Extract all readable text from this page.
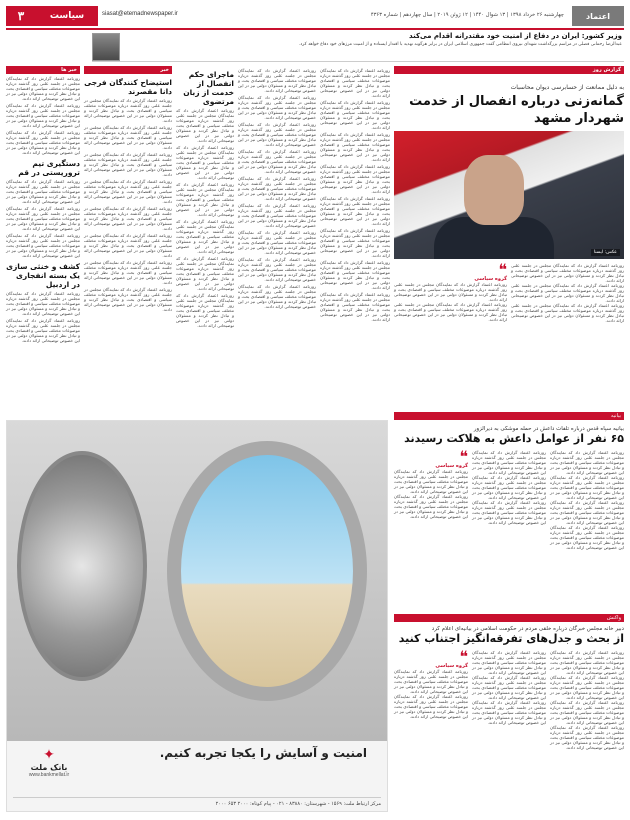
۳	سیاست	siasat@etemadnewspaper.ir	چهارشنبه ۲۶ خرداد ۱۳۹۸ | ۱۳ شوال ۱۴۴۰ | ۱۲ ژوئن ۲۰۱۹ | سال چهاردهم | شماره ۴۳۶۳	اعتماد
وزیر کشور: ایران در دفاع از امنیت خود مقتدرانه اقدام می‌کند
عبدالرضا رحمانی فضلی در مراسم بزرگداشت شهدای نیروی انتظامی گفت جمهوری اسلامی ایران در برابر هرگونه تهدید با اقتدار ایستاده و از امنیت مرزهای خود دفاع خواهد کرد.
خبر ها

روزنامه اعتماد گزارش داد که نمایندگان مجلس در جلسه علنی روز گذشته درباره موضوعات مختلف سیاسی و اقتصادی بحث و تبادل نظر کردند و مسئولان دولتی نیز در این خصوص توضیحاتی ارائه دادند.

روزنامه اعتماد گزارش داد که نمایندگان مجلس در جلسه علنی روز گذشته درباره موضوعات مختلف سیاسی و اقتصادی بحث و تبادل نظر کردند و مسئولان دولتی نیز در این خصوص توضیحاتی ارائه دادند.

روزنامه اعتماد گزارش داد که نمایندگان مجلس در جلسه علنی روز گذشته درباره موضوعات مختلف سیاسی و اقتصادی بحث و تبادل نظر کردند و مسئولان دولتی نیز در این خصوص توضیحاتی ارائه دادند.

دستگیری تیم تروریستی در قم

روزنامه اعتماد گزارش داد که نمایندگان مجلس در جلسه علنی روز گذشته درباره موضوعات مختلف سیاسی و اقتصادی بحث و تبادل نظر کردند و مسئولان دولتی نیز در این خصوص توضیحاتی ارائه دادند.

روزنامه اعتماد گزارش داد که نمایندگان مجلس در جلسه علنی روز گذشته درباره موضوعات مختلف سیاسی و اقتصادی بحث و تبادل نظر کردند و مسئولان دولتی نیز در این خصوص توضیحاتی ارائه دادند.

روزنامه اعتماد گزارش داد که نمایندگان مجلس در جلسه علنی روز گذشته درباره موضوعات مختلف سیاسی و اقتصادی بحث و تبادل نظر کردند و مسئولان دولتی نیز در این خصوص توضیحاتی ارائه دادند.

کشف و خنثی سازی یک بسته انفجاری در اردبیل

روزنامه اعتماد گزارش داد که نمایندگان مجلس در جلسه علنی روز گذشته درباره موضوعات مختلف سیاسی و اقتصادی بحث و تبادل نظر کردند و مسئولان دولتی نیز در این خصوص توضیحاتی ارائه دادند.

روزنامه اعتماد گزارش داد که نمایندگان مجلس در جلسه علنی روز گذشته درباره موضوعات مختلف سیاسی و اقتصادی بحث و تبادل نظر کردند و مسئولان دولتی نیز در این خصوص توضیحاتی ارائه دادند.

خبر
استیضاح کنندگان فرجی دانا مقصرند

روزنامه اعتماد گزارش داد که نمایندگان مجلس در جلسه علنی روز گذشته درباره موضوعات مختلف سیاسی و اقتصادی بحث و تبادل نظر کردند و مسئولان دولتی نیز در این خصوص توضیحاتی ارائه دادند.

روزنامه اعتماد گزارش داد که نمایندگان مجلس در جلسه علنی روز گذشته درباره موضوعات مختلف سیاسی و اقتصادی بحث و تبادل نظر کردند و مسئولان دولتی نیز در این خصوص توضیحاتی ارائه دادند.

روزنامه اعتماد گزارش داد که نمایندگان مجلس در جلسه علنی روز گذشته درباره موضوعات مختلف سیاسی و اقتصادی بحث و تبادل نظر کردند و مسئولان دولتی نیز در این خصوص توضیحاتی ارائه دادند.

روزنامه اعتماد گزارش داد که نمایندگان مجلس در جلسه علنی روز گذشته درباره موضوعات مختلف سیاسی و اقتصادی بحث و تبادل نظر کردند و مسئولان دولتی نیز در این خصوص توضیحاتی ارائه دادند.

روزنامه اعتماد گزارش داد که نمایندگان مجلس در جلسه علنی روز گذشته درباره موضوعات مختلف سیاسی و اقتصادی بحث و تبادل نظر کردند و مسئولان دولتی نیز در این خصوص توضیحاتی ارائه دادند.

روزنامه اعتماد گزارش داد که نمایندگان مجلس در جلسه علنی روز گذشته درباره موضوعات مختلف سیاسی و اقتصادی بحث و تبادل نظر کردند و مسئولان دولتی نیز در این خصوص توضیحاتی ارائه دادند.

روزنامه اعتماد گزارش داد که نمایندگان مجلس در جلسه علنی روز گذشته درباره موضوعات مختلف سیاسی و اقتصادی بحث و تبادل نظر کردند و مسئولان دولتی نیز در این خصوص توضیحاتی ارائه دادند.

روزنامه اعتماد گزارش داد که نمایندگان مجلس در جلسه علنی روز گذشته درباره موضوعات مختلف سیاسی و اقتصادی بحث و تبادل نظر کردند و مسئولان دولتی نیز در این خصوص توضیحاتی ارائه دادند.

ماجرای حکم انفصال از خدمت از زبان مرتضوی

روزنامه اعتماد گزارش داد که نمایندگان مجلس در جلسه علنی روز گذشته درباره موضوعات مختلف سیاسی و اقتصادی بحث و تبادل نظر کردند و مسئولان دولتی نیز در این خصوص توضیحاتی ارائه دادند.

روزنامه اعتماد گزارش داد که نمایندگان مجلس در جلسه علنی روز گذشته درباره موضوعات مختلف سیاسی و اقتصادی بحث و تبادل نظر کردند و مسئولان دولتی نیز در این خصوص توضیحاتی ارائه دادند.

روزنامه اعتماد گزارش داد که نمایندگان مجلس در جلسه علنی روز گذشته درباره موضوعات مختلف سیاسی و اقتصادی بحث و تبادل نظر کردند و مسئولان دولتی نیز در این خصوص توضیحاتی ارائه دادند.

روزنامه اعتماد گزارش داد که نمایندگان مجلس در جلسه علنی روز گذشته درباره موضوعات مختلف سیاسی و اقتصادی بحث و تبادل نظر کردند و مسئولان دولتی نیز در این خصوص توضیحاتی ارائه دادند.

روزنامه اعتماد گزارش داد که نمایندگان مجلس در جلسه علنی روز گذشته درباره موضوعات مختلف سیاسی و اقتصادی بحث و تبادل نظر کردند و مسئولان دولتی نیز در این خصوص توضیحاتی ارائه دادند.

روزنامه اعتماد گزارش داد که نمایندگان مجلس در جلسه علنی روز گذشته درباره موضوعات مختلف سیاسی و اقتصادی بحث و تبادل نظر کردند و مسئولان دولتی نیز در این خصوص توضیحاتی ارائه دادند.

روزنامه اعتماد گزارش داد که نمایندگان مجلس در جلسه علنی روز گذشته درباره موضوعات مختلف سیاسی و اقتصادی بحث و تبادل نظر کردند و مسئولان دولتی نیز در این خصوص توضیحاتی ارائه دادند.

روزنامه اعتماد گزارش داد که نمایندگان مجلس در جلسه علنی روز گذشته درباره موضوعات مختلف سیاسی و اقتصادی بحث و تبادل نظر کردند و مسئولان دولتی نیز در این خصوص توضیحاتی ارائه دادند.

روزنامه اعتماد گزارش داد که نمایندگان مجلس در جلسه علنی روز گذشته درباره موضوعات مختلف سیاسی و اقتصادی بحث و تبادل نظر کردند و مسئولان دولتی نیز در این خصوص توضیحاتی ارائه دادند.

روزنامه اعتماد گزارش داد که نمایندگان مجلس در جلسه علنی روز گذشته درباره موضوعات مختلف سیاسی و اقتصادی بحث و تبادل نظر کردند و مسئولان دولتی نیز در این خصوص توضیحاتی ارائه دادند.

روزنامه اعتماد گزارش داد که نمایندگان مجلس در جلسه علنی روز گذشته درباره موضوعات مختلف سیاسی و اقتصادی بحث و تبادل نظر کردند و مسئولان دولتی نیز در این خصوص توضیحاتی ارائه دادند.

روزنامه اعتماد گزارش داد که نمایندگان مجلس در جلسه علنی روز گذشته درباره موضوعات مختلف سیاسی و اقتصادی بحث و تبادل نظر کردند و مسئولان دولتی نیز در این خصوص توضیحاتی ارائه دادند.

روزنامه اعتماد گزارش داد که نمایندگان مجلس در جلسه علنی روز گذشته درباره موضوعات مختلف سیاسی و اقتصادی بحث و تبادل نظر کردند و مسئولان دولتی نیز در این خصوص توضیحاتی ارائه دادند.

روزنامه اعتماد گزارش داد که نمایندگان مجلس در جلسه علنی روز گذشته درباره موضوعات مختلف سیاسی و اقتصادی بحث و تبادل نظر کردند و مسئولان دولتی نیز در این خصوص توضیحاتی ارائه دادند.

روزنامه اعتماد گزارش داد که نمایندگان مجلس در جلسه علنی روز گذشته درباره موضوعات مختلف سیاسی و اقتصادی بحث و تبادل نظر کردند و مسئولان دولتی نیز در این خصوص توضیحاتی ارائه دادند.

روزنامه اعتماد گزارش داد که نمایندگان مجلس در جلسه علنی روز گذشته درباره موضوعات مختلف سیاسی و اقتصادی بحث و تبادل نظر کردند و مسئولان دولتی نیز در این خصوص توضیحاتی ارائه دادند.

روزنامه اعتماد گزارش داد که نمایندگان مجلس در جلسه علنی روز گذشته درباره موضوعات مختلف سیاسی و اقتصادی بحث و تبادل نظر کردند و مسئولان دولتی نیز در این خصوص توضیحاتی ارائه دادند.

روزنامه اعتماد گزارش داد که نمایندگان مجلس در جلسه علنی روز گذشته درباره موضوعات مختلف سیاسی و اقتصادی بحث و تبادل نظر کردند و مسئولان دولتی نیز در این خصوص توضیحاتی ارائه دادند.

روزنامه اعتماد گزارش داد که نمایندگان مجلس در جلسه علنی روز گذشته درباره موضوعات مختلف سیاسی و اقتصادی بحث و تبادل نظر کردند و مسئولان دولتی نیز در این خصوص توضیحاتی ارائه دادند.

روزنامه اعتماد گزارش داد که نمایندگان مجلس در جلسه علنی روز گذشته درباره موضوعات مختلف سیاسی و اقتصادی بحث و تبادل نظر کردند و مسئولان دولتی نیز در این خصوص توضیحاتی ارائه دادند.

روزنامه اعتماد گزارش داد که نمایندگان مجلس در جلسه علنی روز گذشته درباره موضوعات مختلف سیاسی و اقتصادی بحث و تبادل نظر کردند و مسئولان دولتی نیز در این خصوص توضیحاتی ارائه دادند.

روزنامه اعتماد گزارش داد که نمایندگان مجلس در جلسه علنی روز گذشته درباره موضوعات مختلف سیاسی و اقتصادی بحث و تبادل نظر کردند و مسئولان دولتی نیز در این خصوص توضیحاتی ارائه دادند.

روزنامه اعتماد گزارش داد که نمایندگان مجلس در جلسه علنی روز گذشته درباره موضوعات مختلف سیاسی و اقتصادی بحث و تبادل نظر کردند و مسئولان دولتی نیز در این خصوص توضیحاتی ارائه دادند.

گزارش روز
به دلیل ممانعت از حسابرسی دیوان محاسبات
گمانه‌زنی درباره انفصال از خدمت شهردار مشهد
عکس: ایسنا

روزنامه اعتماد گزارش داد که نمایندگان مجلس در جلسه علنی روز گذشته درباره موضوعات مختلف سیاسی و اقتصادی بحث و تبادل نظر کردند و مسئولان دولتی نیز در این خصوص توضیحاتی ارائه دادند.

روزنامه اعتماد گزارش داد که نمایندگان مجلس در جلسه علنی روز گذشته درباره موضوعات مختلف سیاسی و اقتصادی بحث و تبادل نظر کردند و مسئولان دولتی نیز در این خصوص توضیحاتی ارائه دادند.

روزنامه اعتماد گزارش داد که نمایندگان مجلس در جلسه علنی روز گذشته درباره موضوعات مختلف سیاسی و اقتصادی بحث و تبادل نظر کردند و مسئولان دولتی نیز در این خصوص توضیحاتی ارائه دادند.

❝
گروه سیاسی

روزنامه اعتماد گزارش داد که نمایندگان مجلس در جلسه علنی روز گذشته درباره موضوعات مختلف سیاسی و اقتصادی بحث و تبادل نظر کردند و مسئولان دولتی نیز در این خصوص توضیحاتی ارائه دادند.

روزنامه اعتماد گزارش داد که نمایندگان مجلس در جلسه علنی روز گذشته درباره موضوعات مختلف سیاسی و اقتصادی بحث و تبادل نظر کردند و مسئولان دولتی نیز در این خصوص توضیحاتی ارائه دادند.

بیانیه
بیانیه سپاه قدس درباره تلفات داعش در حمله موشکی به دیرالزور
۶۵ نفر از عوامل داعش به هلاکت رسیدند

روزنامه اعتماد گزارش داد که نمایندگان مجلس در جلسه علنی روز گذشته درباره موضوعات مختلف سیاسی و اقتصادی بحث و تبادل نظر کردند و مسئولان دولتی نیز در این خصوص توضیحاتی ارائه دادند.

روزنامه اعتماد گزارش داد که نمایندگان مجلس در جلسه علنی روز گذشته درباره موضوعات مختلف سیاسی و اقتصادی بحث و تبادل نظر کردند و مسئولان دولتی نیز در این خصوص توضیحاتی ارائه دادند.

روزنامه اعتماد گزارش داد که نمایندگان مجلس در جلسه علنی روز گذشته درباره موضوعات مختلف سیاسی و اقتصادی بحث و تبادل نظر کردند و مسئولان دولتی نیز در این خصوص توضیحاتی ارائه دادند.

روزنامه اعتماد گزارش داد که نمایندگان مجلس در جلسه علنی روز گذشته درباره موضوعات مختلف سیاسی و اقتصادی بحث و تبادل نظر کردند و مسئولان دولتی نیز در این خصوص توضیحاتی ارائه دادند.

روزنامه اعتماد گزارش داد که نمایندگان مجلس در جلسه علنی روز گذشته درباره موضوعات مختلف سیاسی و اقتصادی بحث و تبادل نظر کردند و مسئولان دولتی نیز در این خصوص توضیحاتی ارائه دادند.

روزنامه اعتماد گزارش داد که نمایندگان مجلس در جلسه علنی روز گذشته درباره موضوعات مختلف سیاسی و اقتصادی بحث و تبادل نظر کردند و مسئولان دولتی نیز در این خصوص توضیحاتی ارائه دادند.

روزنامه اعتماد گزارش داد که نمایندگان مجلس در جلسه علنی روز گذشته درباره موضوعات مختلف سیاسی و اقتصادی بحث و تبادل نظر کردند و مسئولان دولتی نیز در این خصوص توضیحاتی ارائه دادند.

❝
گروه سیاسی

روزنامه اعتماد گزارش داد که نمایندگان مجلس در جلسه علنی روز گذشته درباره موضوعات مختلف سیاسی و اقتصادی بحث و تبادل نظر کردند و مسئولان دولتی نیز در این خصوص توضیحاتی ارائه دادند.

روزنامه اعتماد گزارش داد که نمایندگان مجلس در جلسه علنی روز گذشته درباره موضوعات مختلف سیاسی و اقتصادی بحث و تبادل نظر کردند و مسئولان دولتی نیز در این خصوص توضیحاتی ارائه دادند.

واکنش
دبیر خانه مجلس خبرگان درباره خلقی مردم در حکومت اسلامی در بیانیه‌ای اعلام کرد
از بحث و جدل‌های تفرقه‌انگیز اجتناب کنید

روزنامه اعتماد گزارش داد که نمایندگان مجلس در جلسه علنی روز گذشته درباره موضوعات مختلف سیاسی و اقتصادی بحث و تبادل نظر کردند و مسئولان دولتی نیز در این خصوص توضیحاتی ارائه دادند.

روزنامه اعتماد گزارش داد که نمایندگان مجلس در جلسه علنی روز گذشته درباره موضوعات مختلف سیاسی و اقتصادی بحث و تبادل نظر کردند و مسئولان دولتی نیز در این خصوص توضیحاتی ارائه دادند.

روزنامه اعتماد گزارش داد که نمایندگان مجلس در جلسه علنی روز گذشته درباره موضوعات مختلف سیاسی و اقتصادی بحث و تبادل نظر کردند و مسئولان دولتی نیز در این خصوص توضیحاتی ارائه دادند.

روزنامه اعتماد گزارش داد که نمایندگان مجلس در جلسه علنی روز گذشته درباره موضوعات مختلف سیاسی و اقتصادی بحث و تبادل نظر کردند و مسئولان دولتی نیز در این خصوص توضیحاتی ارائه دادند.

روزنامه اعتماد گزارش داد که نمایندگان مجلس در جلسه علنی روز گذشته درباره موضوعات مختلف سیاسی و اقتصادی بحث و تبادل نظر کردند و مسئولان دولتی نیز در این خصوص توضیحاتی ارائه دادند.

روزنامه اعتماد گزارش داد که نمایندگان مجلس در جلسه علنی روز گذشته درباره موضوعات مختلف سیاسی و اقتصادی بحث و تبادل نظر کردند و مسئولان دولتی نیز در این خصوص توضیحاتی ارائه دادند.

روزنامه اعتماد گزارش داد که نمایندگان مجلس در جلسه علنی روز گذشته درباره موضوعات مختلف سیاسی و اقتصادی بحث و تبادل نظر کردند و مسئولان دولتی نیز در این خصوص توضیحاتی ارائه دادند.

❝
گروه سیاسی

روزنامه اعتماد گزارش داد که نمایندگان مجلس در جلسه علنی روز گذشته درباره موضوعات مختلف سیاسی و اقتصادی بحث و تبادل نظر کردند و مسئولان دولتی نیز در این خصوص توضیحاتی ارائه دادند.

روزنامه اعتماد گزارش داد که نمایندگان مجلس در جلسه علنی روز گذشته درباره موضوعات مختلف سیاسی و اقتصادی بحث و تبادل نظر کردند و مسئولان دولتی نیز در این خصوص توضیحاتی ارائه دادند.

امنیت و آسایش را یکجا تجربه کنیم.
✦
بانک ملت
www.bankmellat.ir
مرکز ارتباط ملت: ۱۵۶۹ - شهرستان: ۸۳۸۸۰ - ۰۲۱ - پیام کوتاه: ۲۰۰۰ ۶۵۳ ۲۰۰۰
